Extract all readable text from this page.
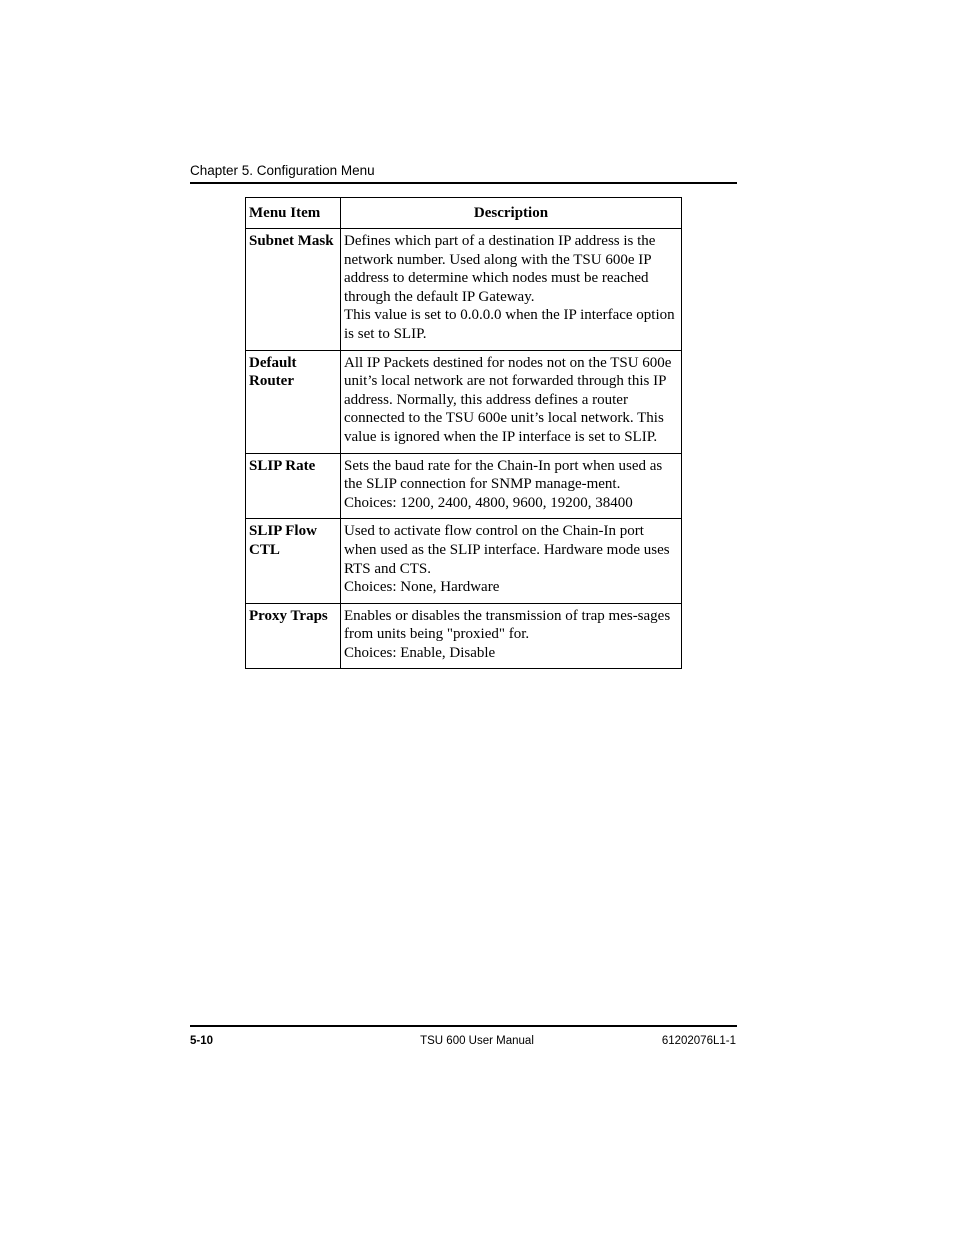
Chapter 5. Configuration Menu
Menu Item	Description
Subnet Mask	Defines which part of a destination IP address is the network number. Used along with the TSU 600e IP address to determine which nodes must be reached through the default IP Gateway.
This value is set to 0.0.0.0 when the IP interface option is set to SLIP.
Default Router	All IP Packets destined for nodes not on the TSU 600e unit’s local network are not forwarded through this IP address. Normally, this address defines a router connected to the TSU 600e unit’s local network. This value is ignored when the IP interface is set to SLIP.
SLIP Rate	Sets the baud rate for the Chain-In port when used as the SLIP connection for SNMP manage-ment.
Choices: 1200, 2400, 4800, 9600, 19200, 38400
SLIP Flow CTL	Used to activate flow control on the Chain-In port when used as the SLIP interface. Hardware mode uses RTS and CTS.
Choices: None, Hardware
Proxy Traps	Enables or disables the transmission of trap mes-sages from units being "proxied" for.
Choices: Enable, Disable
5-10	TSU 600 User Manual	61202076L1-1
